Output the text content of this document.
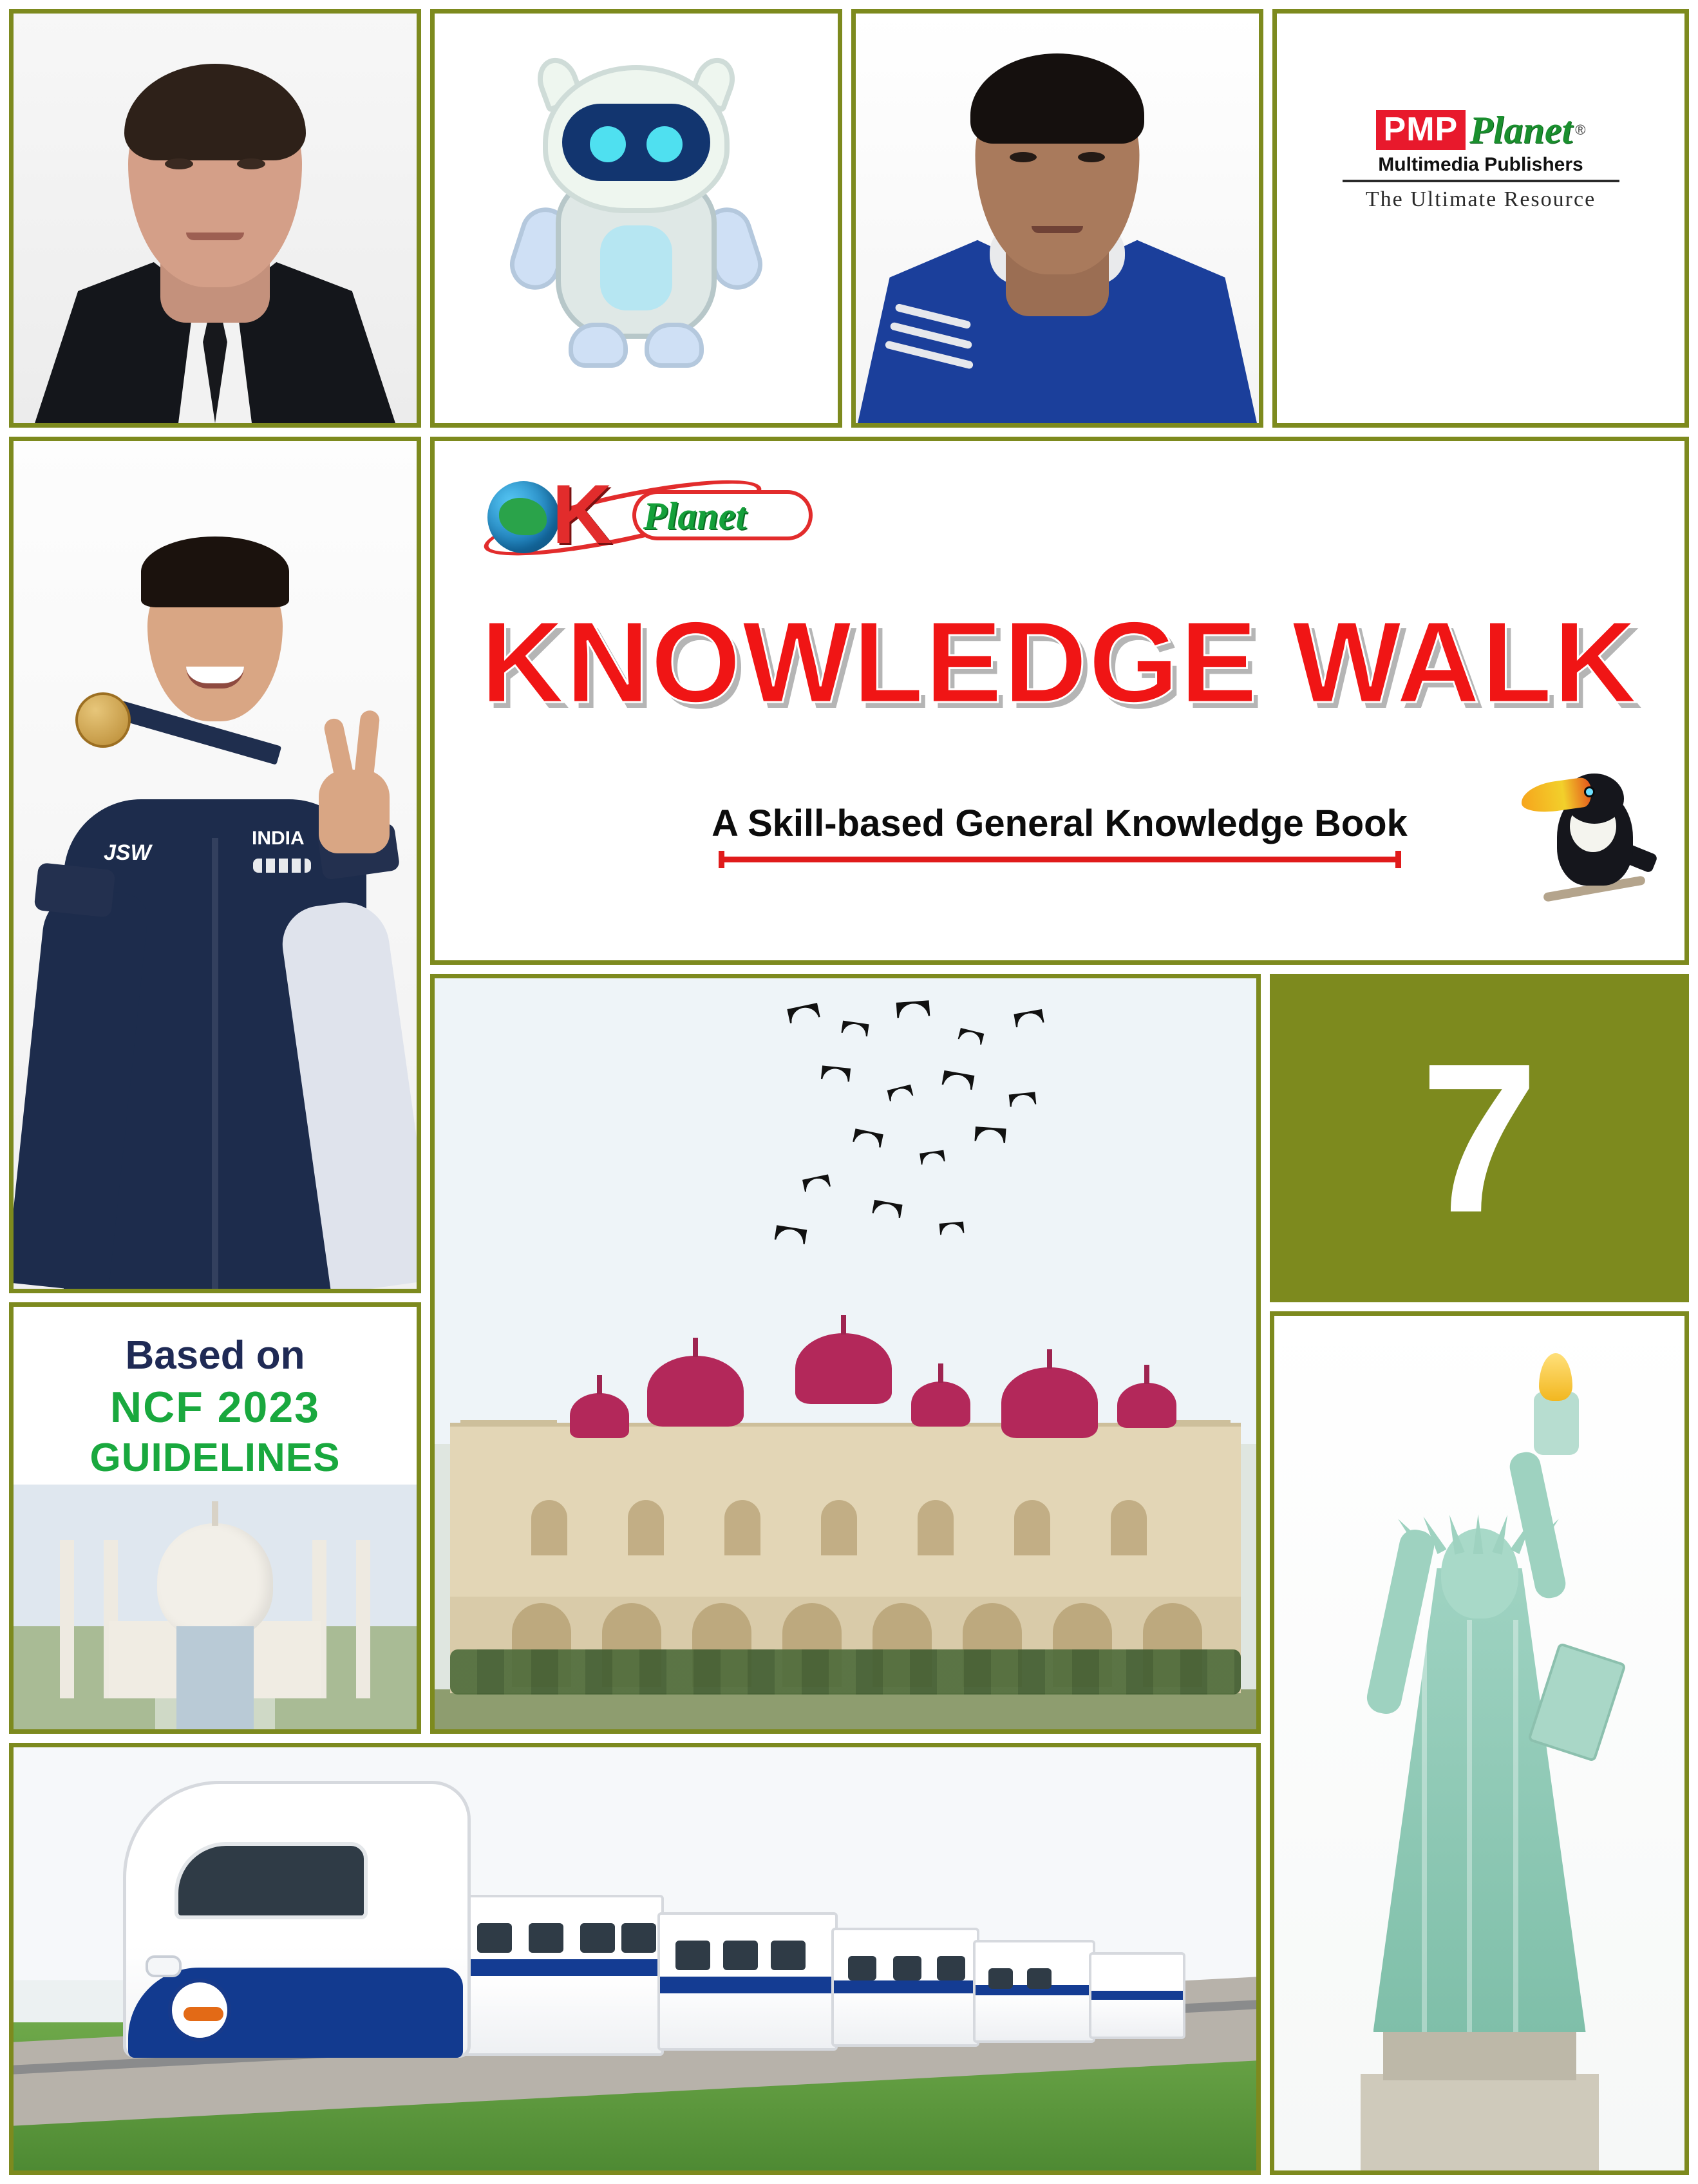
PMP Planet ®
Multimedia Publishers
The Ultimate Resource
JSW
INDIA
K Planet
KNOWLEDGE WALK
A Skill-based General Knowledge Book
Based on
NCF 2023
GUIDELINES
7
